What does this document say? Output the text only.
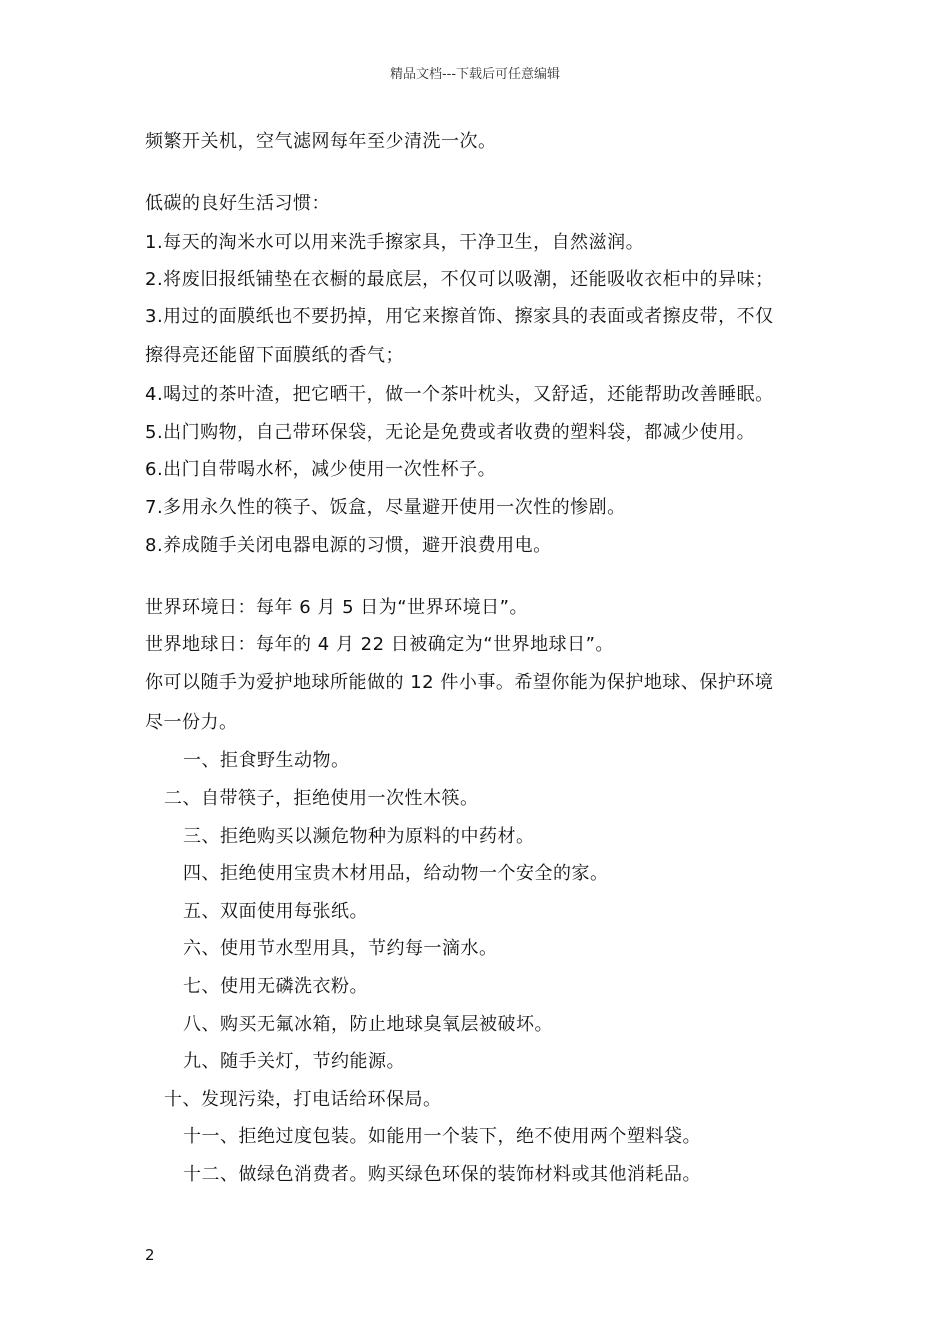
精品文档---下载后可任意编辑
频繁开关机，空气滤网每年至少清洗一次。
低碳的良好生活习惯：
1.每天的淘米水可以用来洗手擦家具，干净卫生，自然滋润。
2.将废旧报纸铺垫在衣橱的最底层，不仅可以吸潮，还能吸收衣柜中的异味；
3.用过的面膜纸也不要扔掉，用它来擦首饰、擦家具的表面或者擦皮带，不仅
擦得亮还能留下面膜纸的香气；
4.喝过的茶叶渣，把它晒干，做一个茶叶枕头，又舒适，还能帮助改善睡眠。
5.出门购物，自己带环保袋，无论是免费或者收费的塑料袋，都减少使用。
6.出门自带喝水杯，减少使用一次性杯子。
7.多用永久性的筷子、饭盒，尽量避开使用一次性的惨剧。
8.养成随手关闭电器电源的习惯，避开浪费用电。
世界环境日：每年 6 月 5 日为“世界环境日”。
世界地球日：每年的 4 月 22 日被确定为“世界地球日”。
你可以随手为爱护地球所能做的 12 件小事。希望你能为保护地球、保护环境
尽一份力。
一、拒食野生动物。
二、自带筷子，拒绝使用一次性木筷。
三、拒绝购买以濒危物种为原料的中药材。
四、拒绝使用宝贵木材用品，给动物一个安全的家。
五、双面使用每张纸。
六、使用节水型用具，节约每一滴水。
七、使用无磷洗衣粉。
八、购买无氟冰箱，防止地球臭氧层被破坏。
九、随手关灯，节约能源。
十、发现污染，打电话给环保局。
十一、拒绝过度包装。如能用一个装下，绝不使用两个塑料袋。
十二、做绿色消费者。购买绿色环保的装饰材料或其他消耗品。
2
